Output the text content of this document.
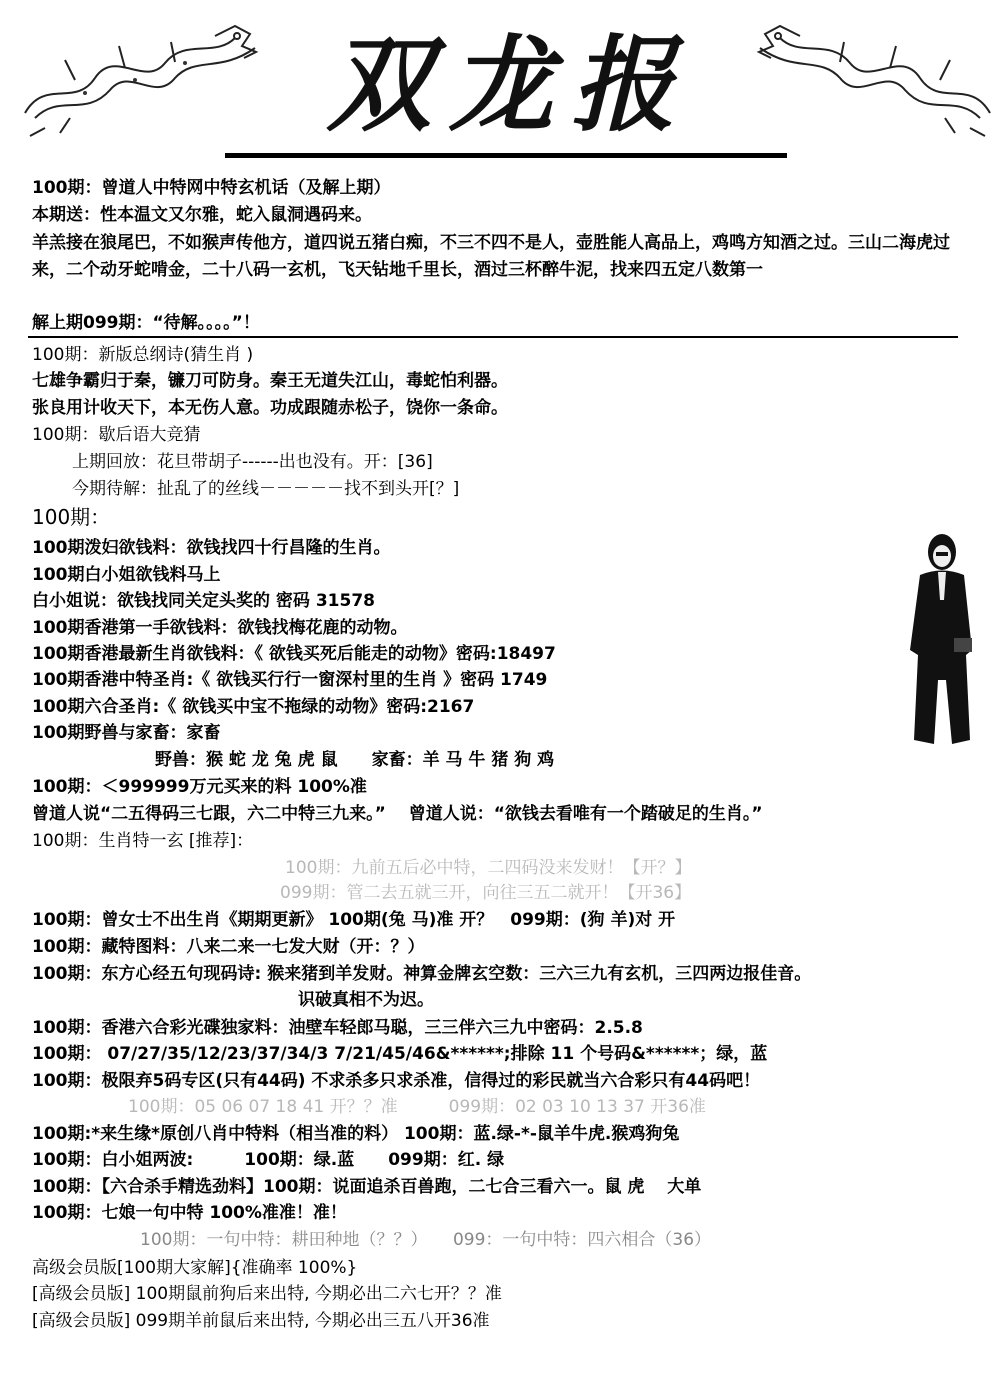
双龙报
100期：曾道人中特网中特玄机话（及解上期）
本期送：性本温文又尔雅，蛇入鼠洞遇码来。
羊羔接在狼尾巴，不如猴声传他方，道四说五猪白痴，不三不四不是人，壶胜能人高品上，鸡鸣方知酒之过。三山二海虎过来，二个动牙蛇啃金，二十八码一玄机，飞天钻地千里长，酒过三杯醉牛泥，找来四五定八数第一
解上期099期：“待解。。。。”！
100期：新版总纲诗(猜生肖 )
七雄争霸归于秦，镰刀可防身。秦王无道失江山，毒蛇怕利器。
张良用计收天下，本无伤人意。功成跟随赤松子，饶你一条命。
100期：歇后语大竞猜
上期回放：花旦带胡子------出也没有。开：[36]
今期待解：扯乱了的丝线－－－－－找不到头开[？]
100期：
100期泼妇欲钱料：欲钱找四十行昌隆的生肖。
100期白小姐欲钱料马上
白小姐说：欲钱找同关定头奖的 密码 31578
100期香港第一手欲钱料：欲钱找梅花鹿的动物。
100期香港最新生肖欲钱料：《 欲钱买死后能走的动物》密码:18497
100期香港中特圣肖:《 欲钱买行行一窗深村里的生肖 》密码 1749
100期六合圣肖:《 欲钱买中宝不拖绿的动物》密码:2167
100期野兽与家畜：家畜
野兽：猴 蛇 龙 兔 虎 鼠　　家畜：羊 马 牛 猪 狗 鸡
100期：＜999999万元买来的料 100%准
曾道人说“二五得码三七跟，六二中特三九来。”　 曾道人说：“欲钱去看唯有一个踏破足的生肖。”
100期：生肖特一玄 [推荐]：
100期：九前五后必中特，二四码没来发财！【开？】
099期：管二去五就三开，向往三五二就开！【开36】
100期：曾女士不出生肖《期期更新》 100期(兔 马)准 开？　099期：(狗 羊)对 开
100期：藏特图料：八来二来一七发大财（开：？）
100期：东方心经五句现码诗: 猴来猪到羊发财。神算金牌玄空数：三六三九有玄机，三四两边报佳音。
识破真相不为迟。
100期：香港六合彩光碟独家料：油壁车轻郎马聪，三三伴六三九中密码：2.5.8
100期： 07/27/35/12/23/37/34/3 7/21/45/46&******;排除 11 个号码&******；绿，蓝
100期：极限弃5码专区(只有44码) 不求杀多只求杀准，信得过的彩民就当六合彩只有44码吧！
100期：05 06 07 18 41 开？？准　　　099期：02 03 10 13 37 开36准
100期:*来生缘*原创八肖中特料（相当准的料） 100期：蓝.绿-*-鼠羊牛虎.猴鸡狗兔
100期：白小姐两波:　　　100期：绿.蓝　　099期：红. 绿
100期：【六合杀手精选劲料】100期：说面追杀百兽跑，二七合三看六一。鼠 虎　 大单
100期：七娘一句中特 100%准准！准！
100期：一句中特：耕田种地（？？）　　099：一句中特：四六相合（36）
高级会员版[100期大家解]{准确率 100%}
[高级会员版] 100期鼠前狗后来出特, 今期必出二六七开？？准
[高级会员版] 099期羊前鼠后来出特, 今期必出三五八开36准
